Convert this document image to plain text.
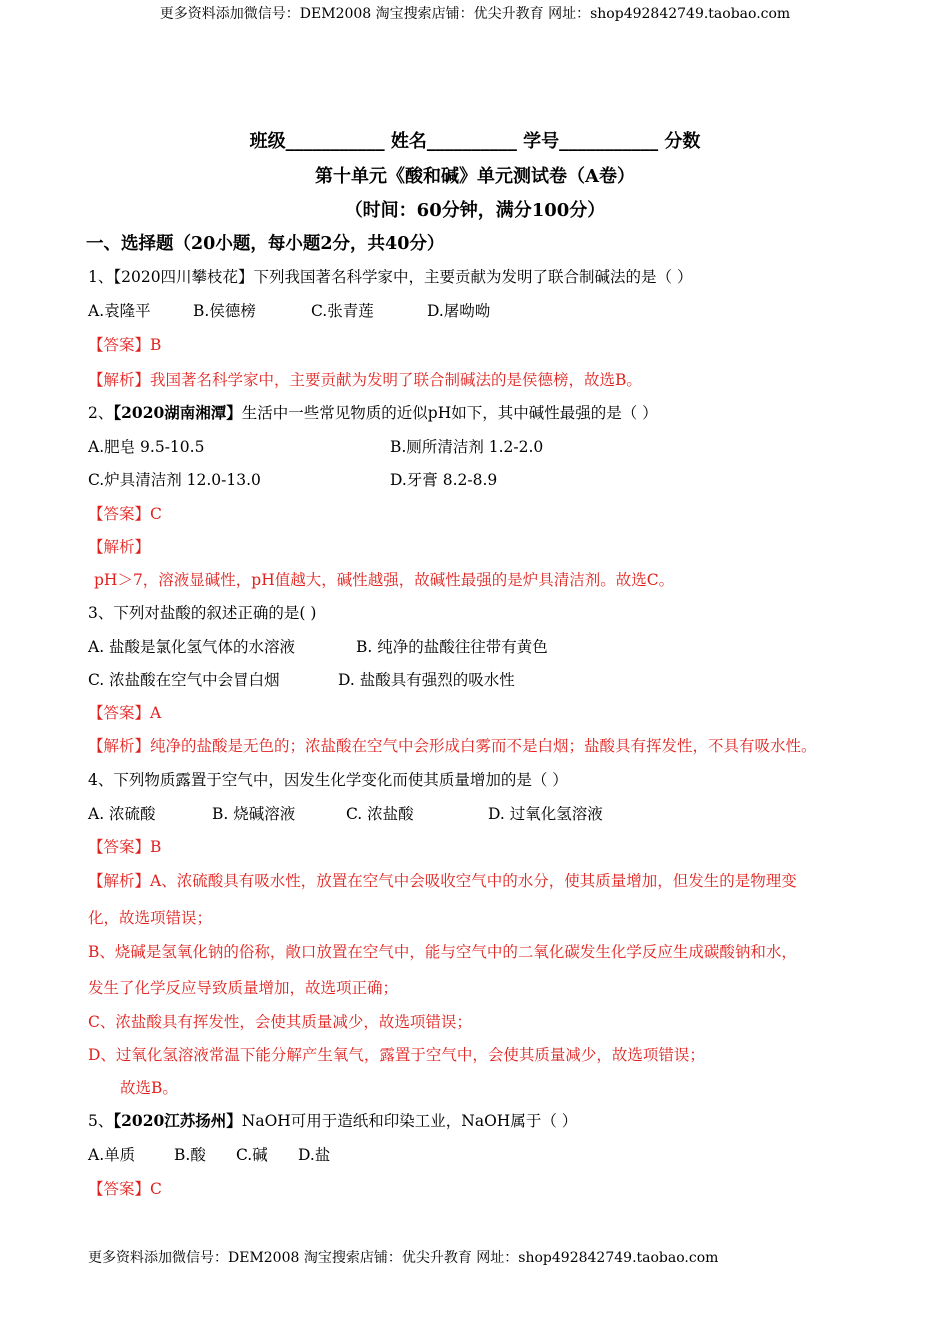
更多资料添加微信号：DEM2008 淘宝搜索店铺：优尖升教育 网址：shop492842749.taobao.com
班级___________ 姓名__________ 学号___________ 分数
第十单元《酸和碱》单元测试卷（A卷）
（时间：60分钟，满分100分）
一、选择题（20小题，每小题2分，共40分）
1、【2020四川攀枝花】下列我国著名科学家中，主要贡献为发明了联合制碱法的是（ ）
A.袁隆平	B.侯德榜	C.张青莲	D.屠呦呦
【答案】B
【解析】我国著名科学家中，主要贡献为发明了联合制碱法的是侯德榜，故选B。
2、【2020湖南湘潭】生活中一些常见物质的近似pH如下，其中碱性最强的是（ ）
A.肥皂 9.5-10.5	B.厕所清洁剂 1.2-2.0
C.炉具清洁剂 12.0-13.0	D.牙膏 8.2-8.9
【答案】C
【解析】
pH＞7，溶液显碱性，pH值越大，碱性越强，故碱性最强的是炉具清洁剂。故选C。
3、下列对盐酸的叙述正确的是( )
A. 盐酸是氯化氢气体的水溶液	B. 纯净的盐酸往往带有黄色
C. 浓盐酸在空气中会冒白烟	D. 盐酸具有强烈的吸水性
【答案】A
【解析】纯净的盐酸是无色的；浓盐酸在空气中会形成白雾而不是白烟；盐酸具有挥发性，不具有吸水性。
4、下列物质露置于空气中，因发生化学变化而使其质量增加的是（ ）
A. 浓硫酸	B. 烧碱溶液	C. 浓盐酸	D. 过氧化氢溶液
【答案】B
【解析】A、浓硫酸具有吸水性，放置在空气中会吸收空气中的水分，使其质量增加，但发生的是物理变
化，故选项错误；
B、烧碱是氢氧化钠的俗称，敞口放置在空气中，能与空气中的二氧化碳发生化学反应生成碳酸钠和水，
发生了化学反应导致质量增加，故选项正确；
C、浓盐酸具有挥发性，会使其质量减少，故选项错误；
D、过氧化氢溶液常温下能分解产生氧气，露置于空气中，会使其质量减少，故选项错误；
故选B。
5、【2020江苏扬州】NaOH可用于造纸和印染工业，NaOH属于（ ）
A.单质	B.酸 C.碱 D.盐
【答案】C
更多资料添加微信号：DEM2008 淘宝搜索店铺：优尖升教育 网址：shop492842749.taobao.com
